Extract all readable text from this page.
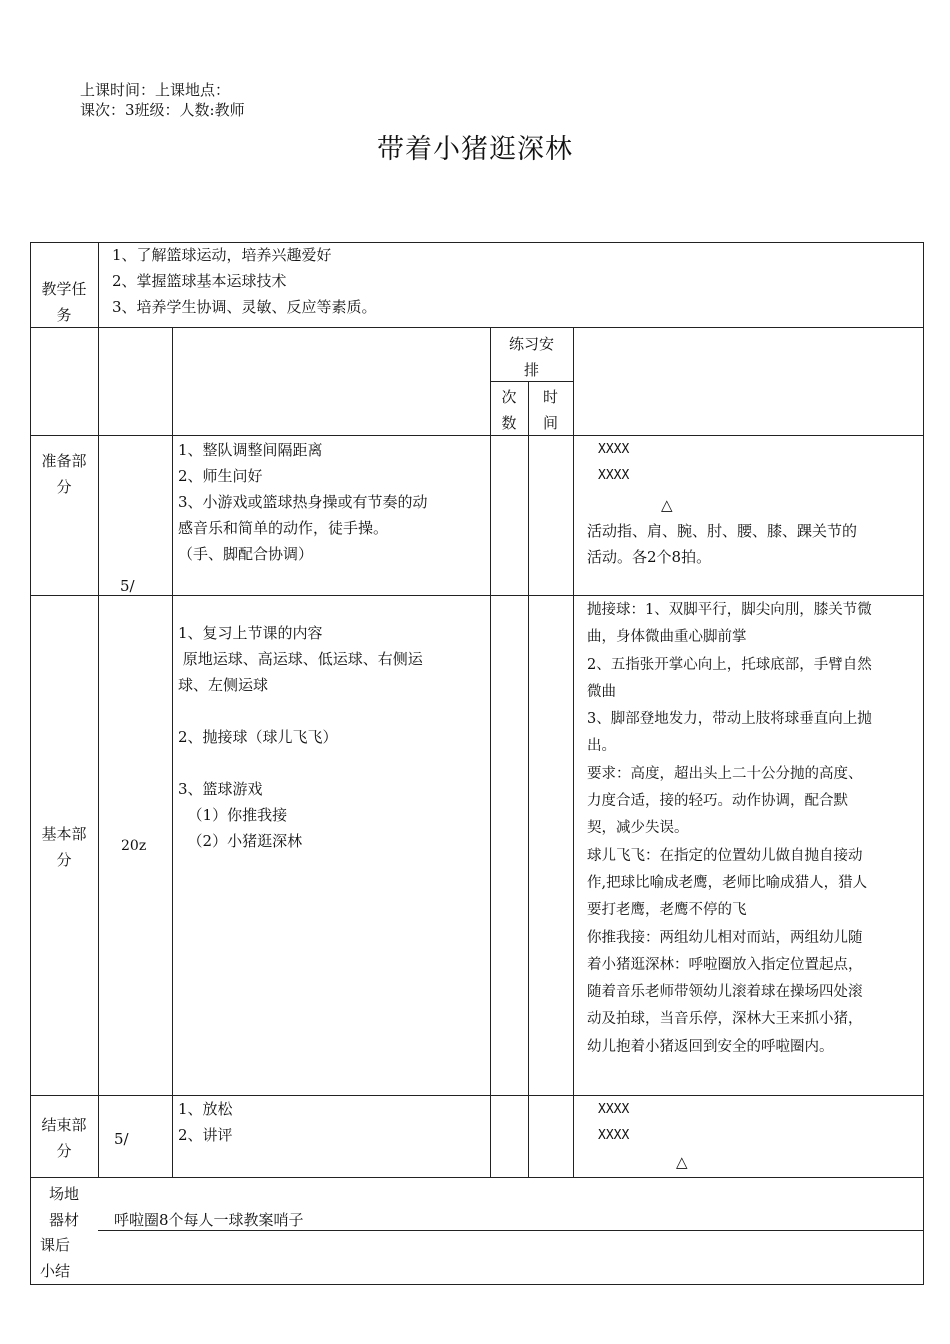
上课时间：上课地点：
课次：3班级：人数:教师
带着小猪逛深林
教学任
务
1、了解篮球运动，培养兴趣爱好
2、掌握篮球基本运球技术
3、培养学生协调、灵敏、反应等素质。
练习安
排
次
数
时
间
准备部
分
5/
1、整队调整间隔距离
2、师生问好
3、小游戏或篮球热身操或有节奏的动
感音乐和简单的动作，徒手操。
（手、脚配合协调）
XXXX
XXXX
△
活动指、肩、腕、肘、腰、膝、踝关节的
活动。各2个8拍。
基本部
分
20z
1、复习上节课的内容
原地运球、高运球、低运球、右侧运
球、左侧运球
2、抛接球（球儿飞飞）
3、篮球游戏
（1）你推我接
（2）小猪逛深林
抛接球：1、双脚平行，脚尖向刖，膝关节微
曲，身体微曲重心脚前掌
2、五指张开掌心向上，托球底部，手臂自然
微曲
3、脚部登地发力，带动上肢将球垂直向上抛
出。
要求：高度，超出头上二十公分抛的高度、
力度合适，接的轻巧。动作协调，配合默
契，减少失误。
球儿飞飞：在指定的位置幼儿做自抛自接动
作,把球比喻成老鹰，老师比喻成猎人，猎人
要打老鹰，老鹰不停的飞
你推我接：两组幼儿相对而站，两组幼儿随
着小猪逛深林：呼啦圈放入指定位置起点，
随着音乐老师带领幼儿滚着球在操场四处滚
动及拍球，当音乐停，深林大王来抓小猪，
幼儿抱着小猪返回到安全的呼啦圈内。
结束部
分
5/
1、放松
2、讲评
XXXX
XXXX
△
场地
器材	呼啦圈8个每人一球教案哨子
课后
小结
